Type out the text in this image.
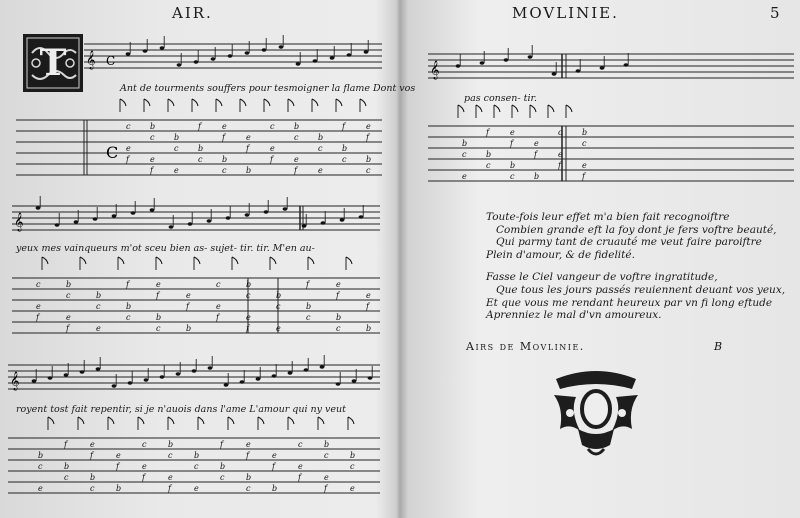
AIR.
T 𝄞 C
Ant de tourments souffers pour tesmoigner la flame Dont vos
C
c
e
f
b
c
e
f
b
c
e
f
b
c
e
f
b
c
e
f
b
c
e
f
b
c
e
f
b
c
e
f
b
c
e
f
b
c
𝄞
yeux mes vainqueurs m'ot sceu bien as- sujet- tir. tir. M'en au-
c
e
f
b
c
e
f
b
c
e
f
b
c
e
f
b
c
e
f
b
c
e
f
b
c
e
f
b
c
e
f
b
c
e
f
b
c
e
f
b
𝄞
royent tost fait repentir, si je n'auois dans l'ame L'amour qui ny veut
b
c
e
f
b
c
e
f
b
c
e
f
b
c
e
f
b
c
e
f
b
c
e
f
b
c
e
f
b
c
e
f
b
c
e
f
b
c
e
f
b
c
e
MOVLINIE.	5
𝄞
pas consen- tir.
b
c
e
f
b
c
e
f
b
c
e
f
b
c
e
f
b
c
e
f

Toute-fois leur effet m'a bien fait recognoiftre

Combien grande eft la foy dont je fers voftre beauté,

Qui parmy tant de cruauté me veut faire paroiftre

Plein d'amour, & de fidelité.

Fasse le Ciel vangeur de voftre ingratitude,

Que tous les jours passés reuiennent deuant vos yeux,

Et que vous me rendant heureux par vn fi long eftude

Aprenniez le mal d'vn amoureux.

Airs de Movlinie.	B
